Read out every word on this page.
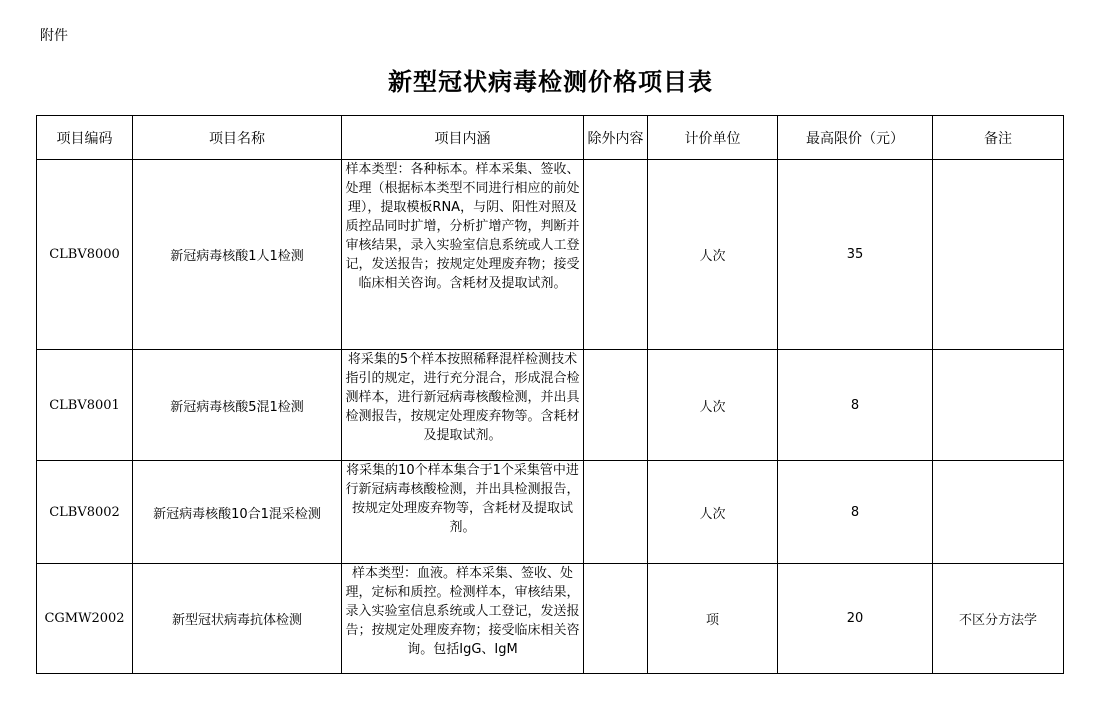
附件
新型冠状病毒检测价格项目表
项目编码	项目名称	项目内涵	除外内容	计价单位	最高限价（元）	备注
CLBV8000	新冠病毒核酸1人1检测	样本类型：各种标本。样本采集、签收、处理（根据标本类型不同进行相应的前处理），提取模板RNA，与阴、阳性对照及质控品同时扩增，分析扩增产物，判断并审核结果，录入实验室信息系统或人工登记，发送报告；按规定处理废弃物；接受临床相关咨询。含耗材及提取试剂。		人次	35	
CLBV8001	新冠病毒核酸5混1检测	将采集的5个样本按照稀释混样检测技术指引的规定，进行充分混合，形成混合检测样本，进行新冠病毒核酸检测，并出具检测报告，按规定处理废弃物等。含耗材及提取试剂。		人次	8	
CLBV8002	新冠病毒核酸10合1混采检测	将采集的10个样本集合于1个采集管中进行新冠病毒核酸检测，并出具检测报告，按规定处理废弃物等，含耗材及提取试剂。		人次	8	
CGMW2002	新型冠状病毒抗体检测	样本类型：血液。样本采集、签收、处理，定标和质控。检测样本，审核结果，录入实验室信息系统或人工登记，发送报告；按规定处理废弃物；接受临床相关咨询。包括IgG、IgM		项	20	不区分方法学
